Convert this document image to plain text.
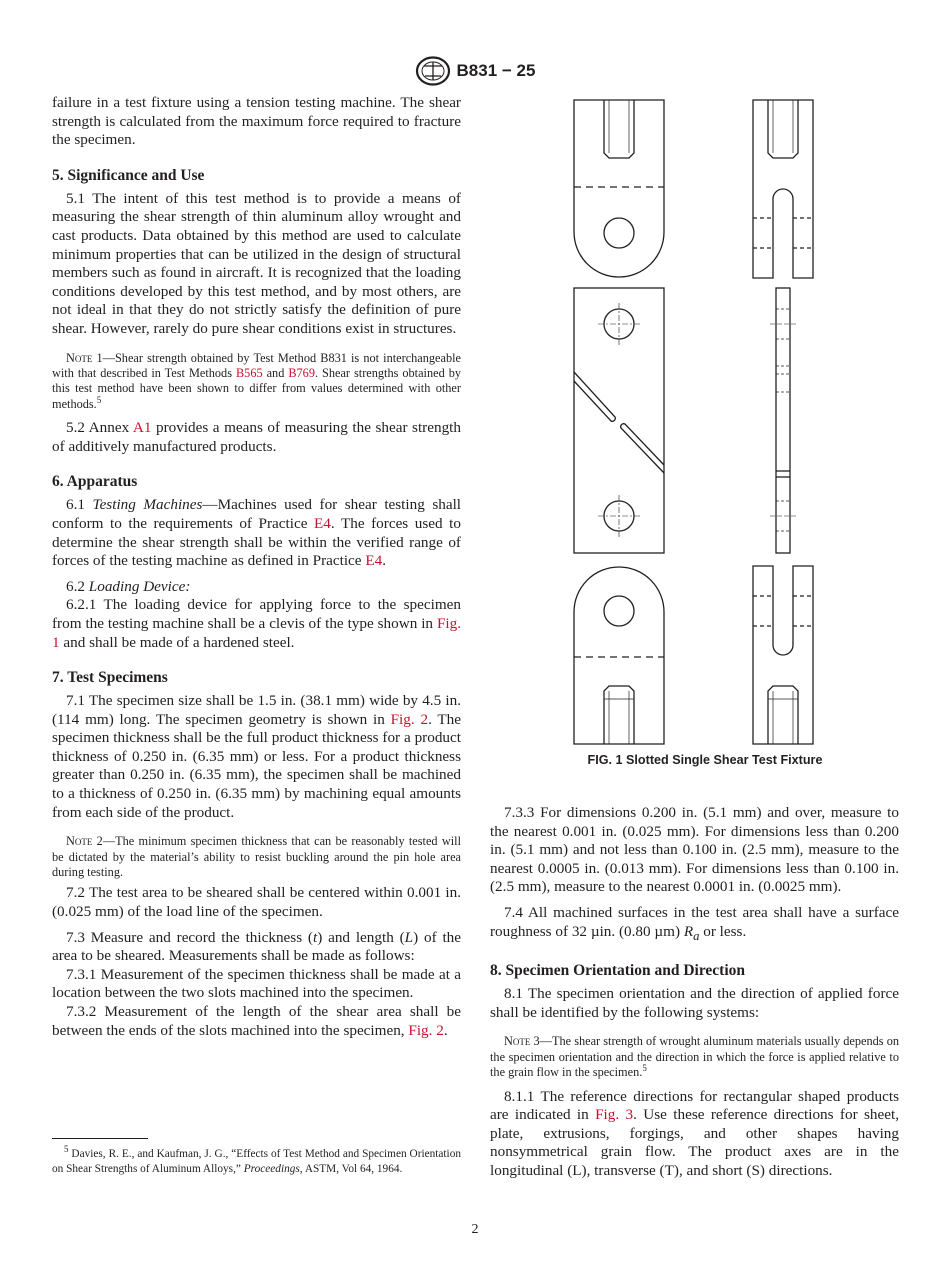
B831 − 25

failure in a test fixture using a tension testing machine. The shear strength is calculated from the maximum force required to fracture the specimen.

5. Significance and Use

5.1 The intent of this test method is to provide a means of measuring the shear strength of thin aluminum alloy wrought and cast products. Data obtained by this method are used to calculate minimum properties that can be utilized in the design of structural members such as found in aircraft. It is recognized that the loading conditions developed by this test method, and by most others, are not ideal in that they do not strictly satisfy the definition of pure shear. However, rarely do pure shear conditions exist in structures.

Note 1—Shear strength obtained by Test Method B831 is not interchangeable with that described in Test Methods B565 and B769. Shear strengths obtained by this test method have been shown to differ from values determined with other methods.$^5$

5.2 Annex A1 provides a means of measuring the shear strength of additively manufactured products.

6. Apparatus

6.1 Testing Machines—Machines used for shear testing shall conform to the requirements of Practice E4. The forces used to determine the shear strength shall be within the verified range of forces of the testing machine as defined in Practice E4.

6.2 Loading Device:

6.2.1 The loading device for applying force to the specimen from the testing machine shall be a clevis of the type shown in Fig. 1 and shall be made of a hardened steel.

7. Test Specimens

7.1 The specimen size shall be 1.5 in. (38.1 mm) wide by 4.5 in. (114 mm) long. The specimen geometry is shown in Fig. 2. The specimen thickness shall be the full product thickness for a product thickness of 0.250 in. (6.35 mm) or less. For a product thickness greater than 0.250 in. (6.35 mm), the specimen shall be machined to a thickness of 0.250 in. (6.35 mm) by machining equal amounts from each side of the product.

Note 2—The minimum specimen thickness that can be reasonably tested will be dictated by the material’s ability to resist buckling around the pin hole area during testing.

7.2 The test area to be sheared shall be centered within 0.001 in. (0.025 mm) of the load line of the specimen.

7.3 Measure and record the thickness (t) and length (L) of the area to be sheared. Measurements shall be made as follows:

7.3.1 Measurement of the specimen thickness shall be made at a location between the two slots machined into the specimen.

7.3.2 Measurement of the length of the shear area shall be between the ends of the slots machined into the specimen, Fig. 2.

$^5$ Davies, R. E., and Kaufman, J. G., “Effects of Test Method and Specimen Orientation on Shear Strengths of Aluminum Alloys,” Proceedings, ASTM, Vol 64, 1964.
FIG. 1 Slotted Single Shear Test Fixture

7.3.3 For dimensions 0.200 in. (5.1 mm) and over, measure to the nearest 0.001 in. (0.025 mm). For dimensions less than 0.200 in. (5.1 mm) and not less than 0.100 in. (2.5 mm), measure to the nearest 0.0005 in. (0.013 mm). For dimensions less than 0.100 in. (2.5 mm), measure to the nearest 0.0001 in. (0.0025 mm).

7.4 All machined surfaces in the test area shall have a surface roughness of 32 µin. (0.80 µm) $R_a$ or less.

8. Specimen Orientation and Direction

8.1 The specimen orientation and the direction of applied force shall be identified by the following systems:

Note 3—The shear strength of wrought aluminum materials usually depends on the specimen orientation and the direction in which the force is applied relative to the grain flow in the specimen.$^5$

8.1.1 The reference directions for rectangular shaped products are indicated in Fig. 3. Use these reference directions for sheet, plate, extrusions, forgings, and other shapes having nonsymmetrical grain flow. The product axes are in the longitudinal (L), transverse (T), and short (S) directions.

2
